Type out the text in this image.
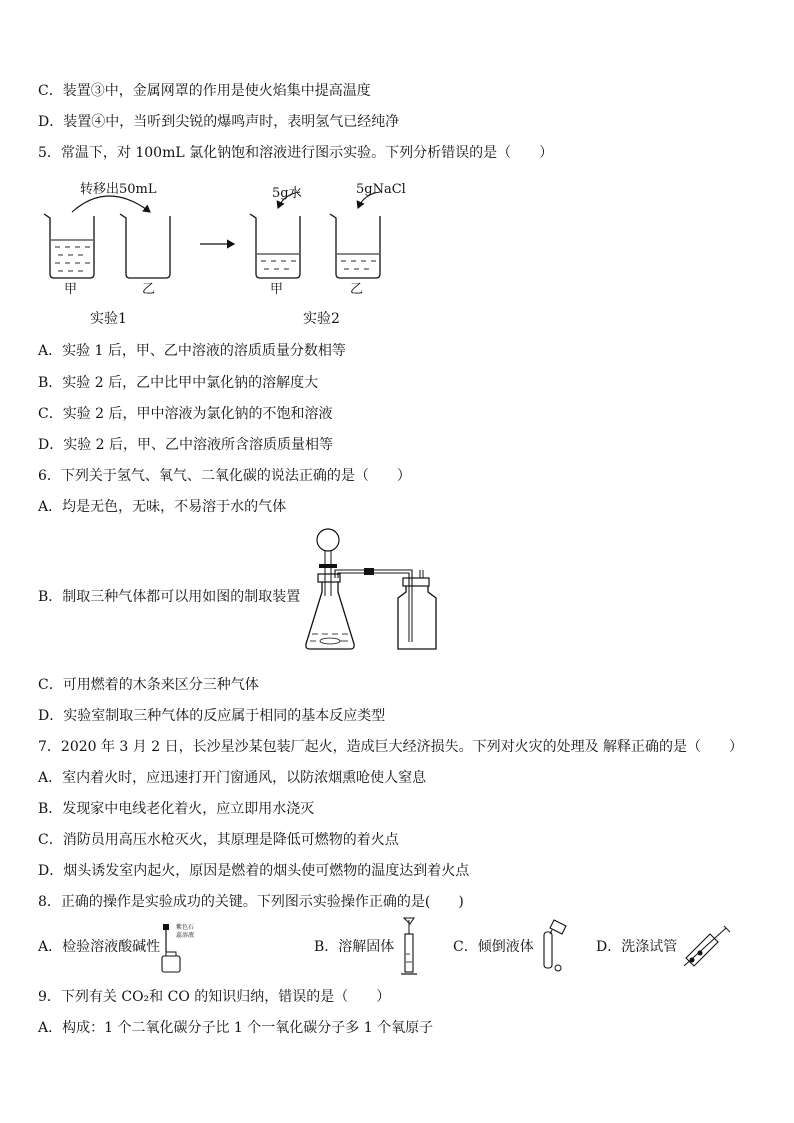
C．装置③中，金属网罩的作用是使火焰集中提高温度
D．装置④中，当听到尖锐的爆鸣声时，表明氢气已经纯净
5．常温下，对 100mL 氯化钠饱和溶液进行图示实验。下列分析错误的是（　　）
转移出50mL	5g水	5gNaCl
甲	乙	甲	乙
实验1	实验2
A．实验 1 后，甲、乙中溶液的溶质质量分数相等
B．实验 2 后，乙中比甲中氯化钠的溶解度大
C．实验 2 后，甲中溶液为氯化钠的不饱和溶液
D．实验 2 后，甲、乙中溶液所含溶质质量相等
6．下列关于氢气、氧气、二氧化碳的说法正确的是（　　）
A．均是无色，无味，不易溶于水的气体
B．制取三种气体都可以用如图的制取装置
C．可用燃着的木条来区分三种气体
D．实验室制取三种气体的反应属于相同的基本反应类型
7．2020 年 3 月 2 日，长沙星沙某包装厂起火，造成巨大经济损失。下列对火灾的处理及 解释正确的是（　　）
A．室内着火时，应迅速打开门窗通风，以防浓烟熏呛使人窒息
B．发现家中电线老化着火，应立即用水浇灭
C．消防员用高压水枪灭火，其原理是降低可燃物的着火点
D．烟头诱发室内起火，原因是燃着的烟头使可燃物的温度达到着火点
8．正确的操作是实验成功的关键。下列图示实验操作正确的是(　　)
A．检验溶液酸碱性
紫色石
蕊溶液
B．溶解固体	C．倾倒液体	D．洗涤试管
9．下列有关 CO₂和 CO 的知识归纳，错误的是（　　）
A．构成：1 个二氧化碳分子比 1 个一氧化碳分子多 1 个氧原子
